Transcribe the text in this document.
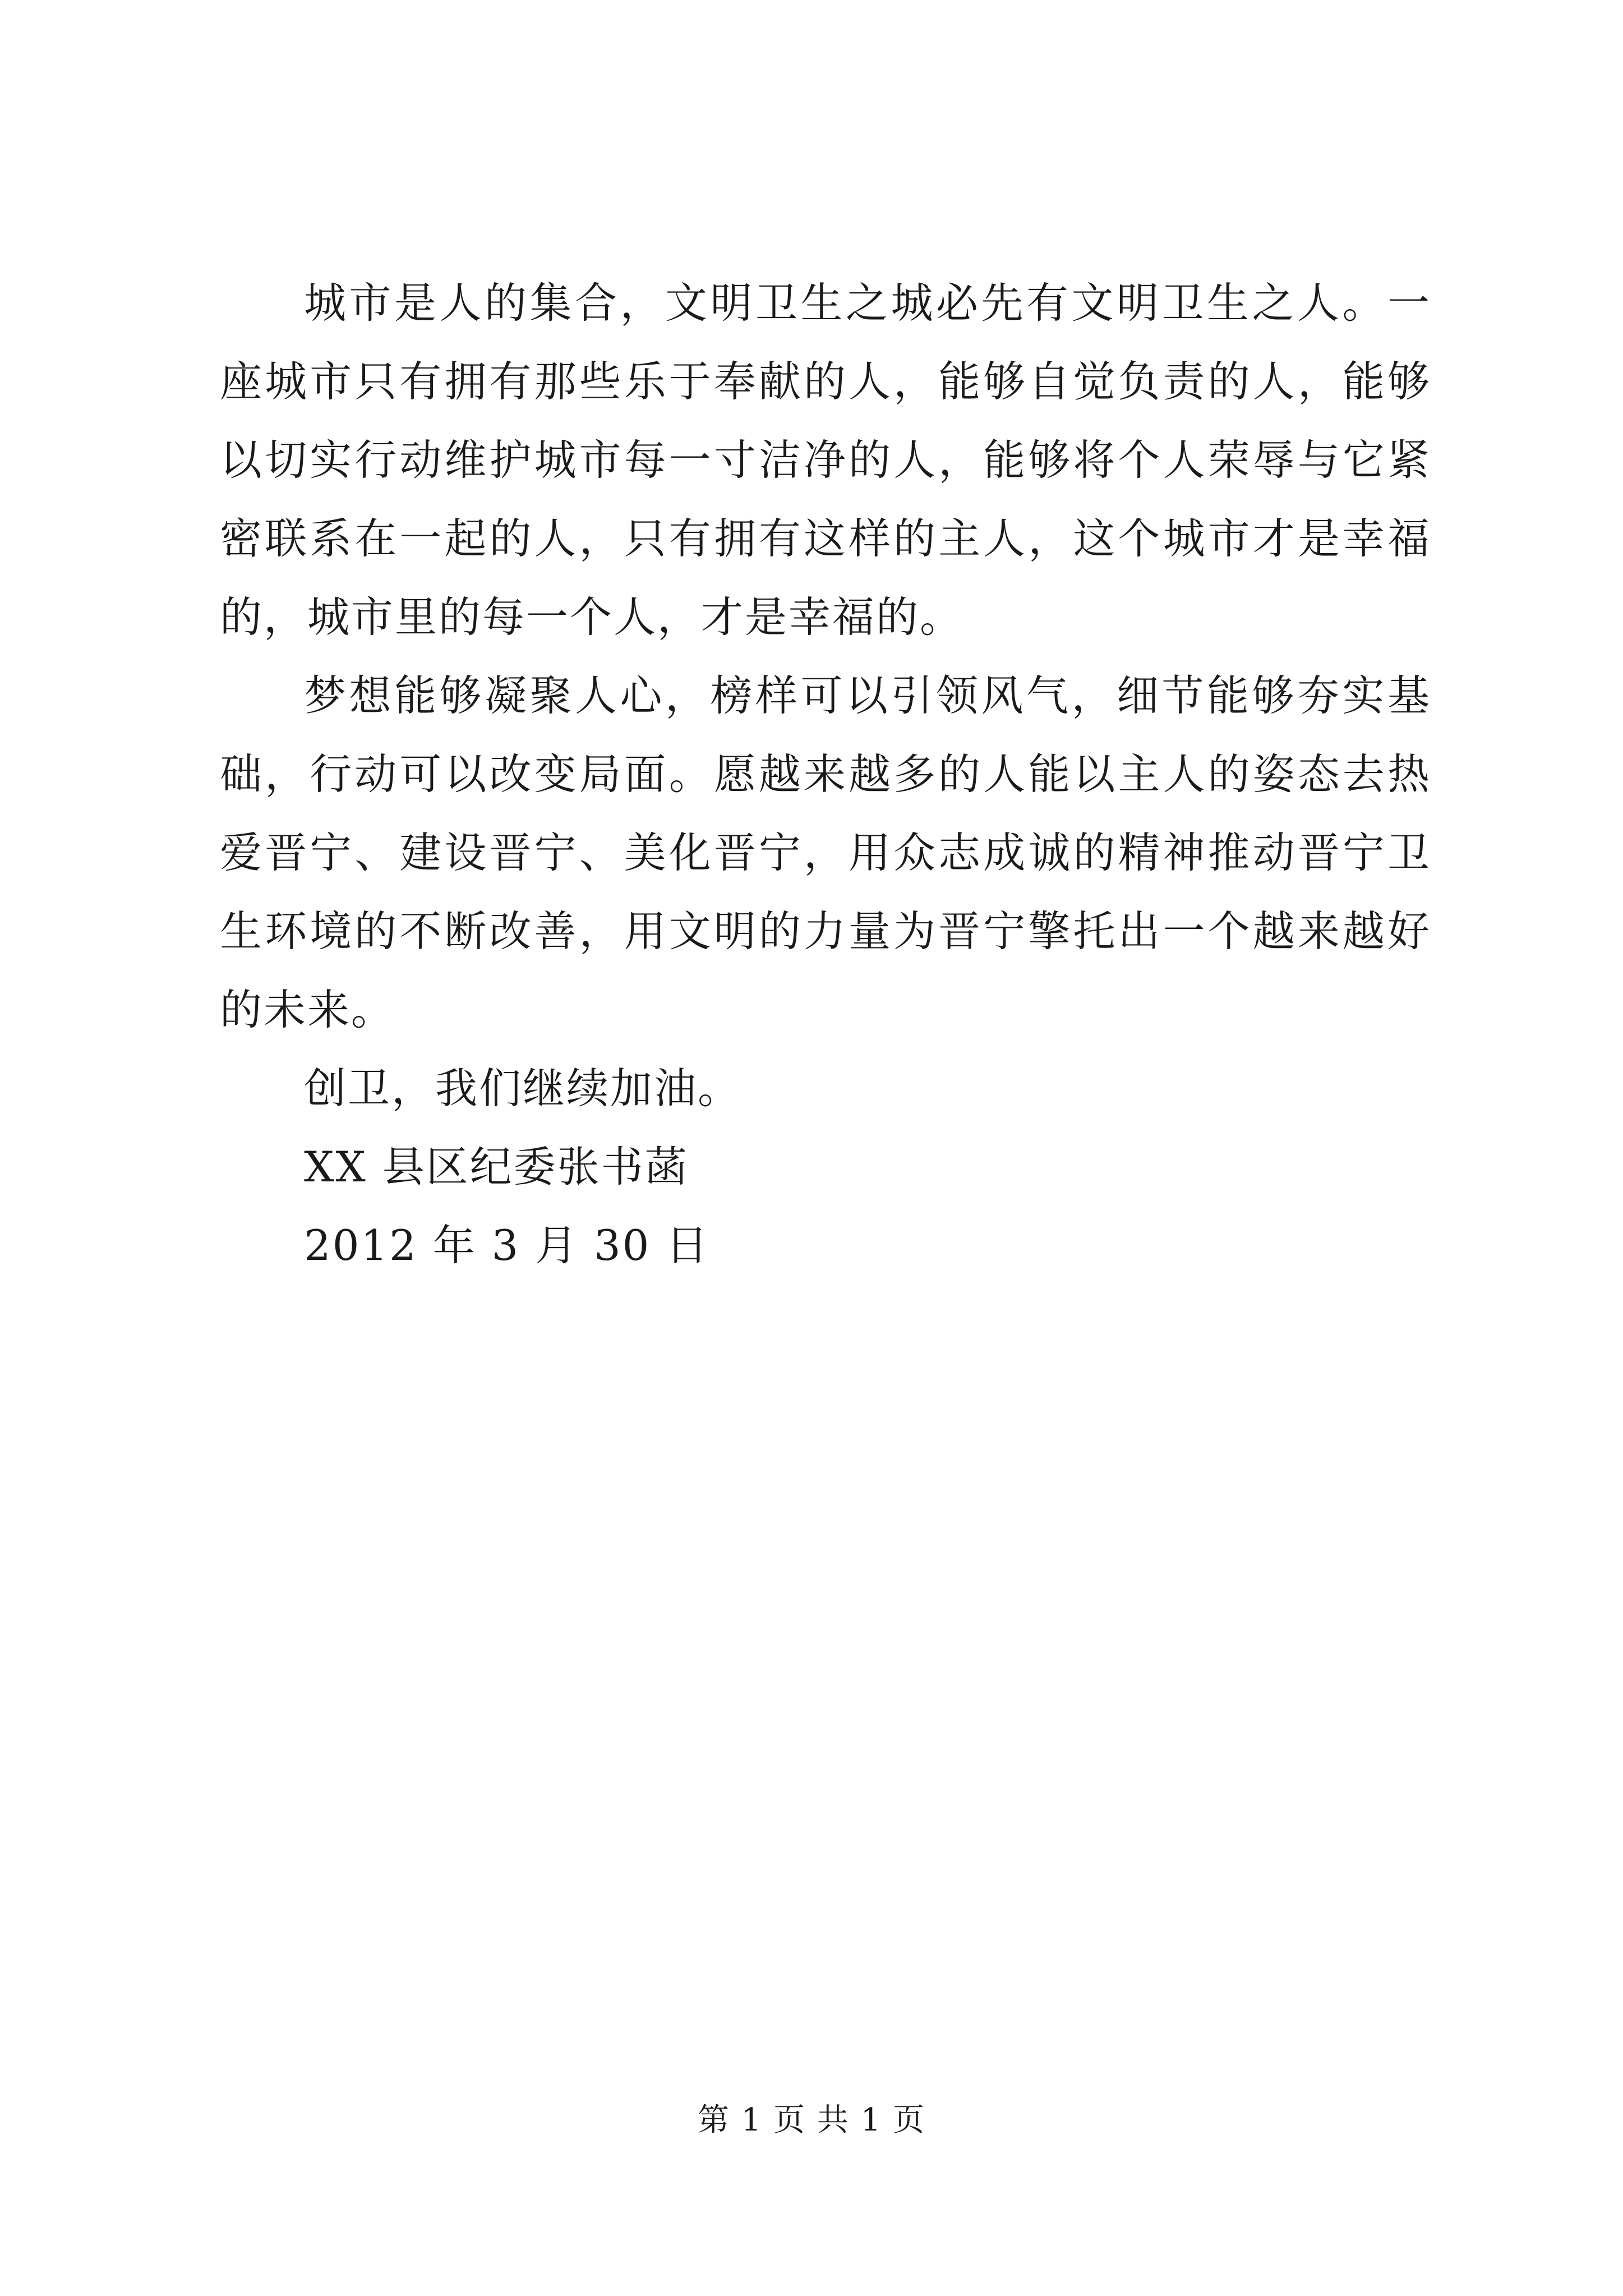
城市是人的集合，文明卫生之城必先有文明卫生之人。一座城市只有拥有那些乐于奉献的人，能够自觉负责的人，能够以切实行动维护城市每一寸洁净的人，能够将个人荣辱与它紧密联系在一起的人，只有拥有这样的主人，这个城市才是幸福的，城市里的每一个人，才是幸福的。

梦想能够凝聚人心，榜样可以引领风气，细节能够夯实基础，行动可以改变局面。愿越来越多的人能以主人的姿态去热爱晋宁、建设晋宁、美化晋宁，用众志成诚的精神推动晋宁卫生环境的不断改善，用文明的力量为晋宁擎托出一个越来越好的未来。

创卫，我们继续加油。

XX 县区纪委张书菡

2012 年 3 月 30 日

第 1 页 共 1 页
